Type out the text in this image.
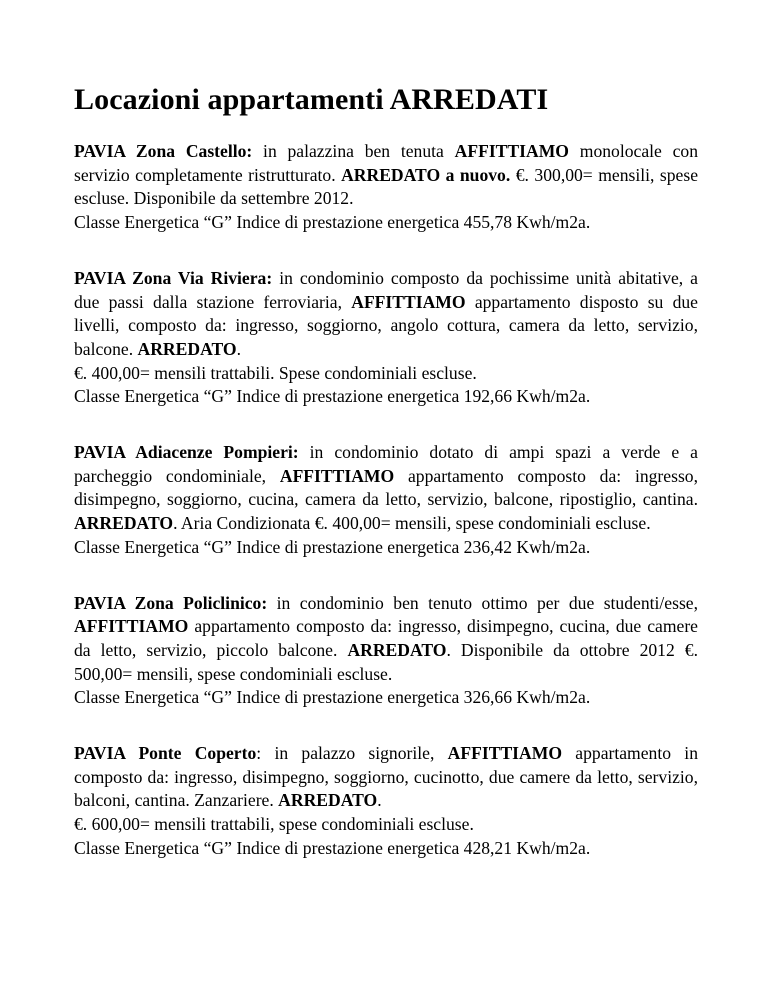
Locazioni appartamenti ARREDATI

PAVIA Zona Castello: in palazzina ben tenuta AFFITTIAMO monolocale con servizio completamente ristrutturato. ARREDATO a nuovo. €. 300,00= mensili, spese escluse. Disponibile da settembre 2012.

Classe Energetica “G” Indice di prestazione energetica 455,78 Kwh/m2a.

PAVIA Zona Via Riviera: in condominio composto da pochissime unità abitative, a due passi dalla stazione ferroviaria, AFFITTIAMO appartamento disposto su due livelli, composto da: ingresso, soggiorno, angolo cottura, camera da letto, servizio, balcone. ARREDATO.
€. 400,00= mensili trattabili. Spese condominiali escluse.

Classe Energetica “G” Indice di prestazione energetica 192,66 Kwh/m2a.

PAVIA Adiacenze Pompieri: in condominio dotato di ampi spazi a verde e a parcheggio condominiale, AFFITTIAMO appartamento composto da: ingresso, disimpegno, soggiorno, cucina, camera da letto, servizio, balcone, ripostiglio, cantina. ARREDATO. Aria Condizionata €. 400,00= mensili, spese condominiali escluse.

Classe Energetica “G” Indice di prestazione energetica 236,42 Kwh/m2a.

PAVIA Zona Policlinico: in condominio ben tenuto ottimo per due studenti/esse, AFFITTIAMO appartamento composto da: ingresso, disimpegno, cucina, due camere da letto, servizio, piccolo balcone. ARREDATO. Disponibile da ottobre 2012 €. 500,00= mensili, spese condominiali escluse.

Classe Energetica “G” Indice di prestazione energetica 326,66 Kwh/m2a.

PAVIA Ponte Coperto: in palazzo signorile, AFFITTIAMO appartamento in composto da: ingresso, disimpegno, soggiorno, cucinotto, due camere da letto, servizio, balconi, cantina. Zanzariere. ARREDATO.
€. 600,00= mensili trattabili, spese condominiali escluse.

Classe Energetica “G” Indice di prestazione energetica 428,21 Kwh/m2a.
